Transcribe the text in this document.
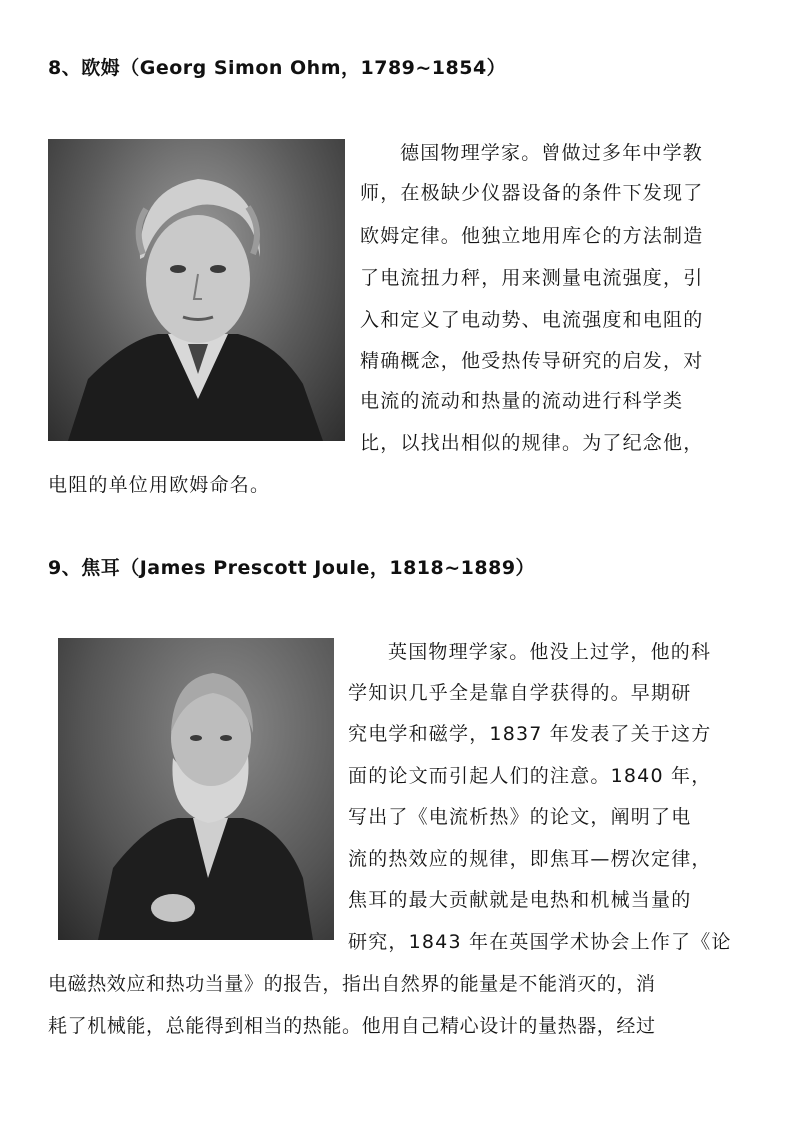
8、欧姆（Georg Simon Ohm，1789~1854）

德国物理学家。曾做过多年中学教

师，在极缺少仪器设备的条件下发现了

欧姆定律。他独立地用库仑的方法制造

了电流扭力秤，用来测量电流强度，引

入和定义了电动势、电流强度和电阻的

精确概念，他受热传导研究的启发，对

电流的流动和热量的流动进行科学类

比，以找出相似的规律。为了纪念他，

电阻的单位用欧姆命名。

9、焦耳（James Prescott Joule，1818~1889）

英国物理学家。他没上过学，他的科

学知识几乎全是靠自学获得的。早期研

究电学和磁学，1837 年发表了关于这方

面的论文而引起人们的注意。1840 年，

写出了《电流析热》的论文，阐明了电

流的热效应的规律，即焦耳—楞次定律，

焦耳的最大贡献就是电热和机械当量的

研究，1843 年在英国学术协会上作了《论

电磁热效应和热功当量》的报告，指出自然界的能量是不能消灭的，消

耗了机械能，总能得到相当的热能。他用自己精心设计的量热器，经过
